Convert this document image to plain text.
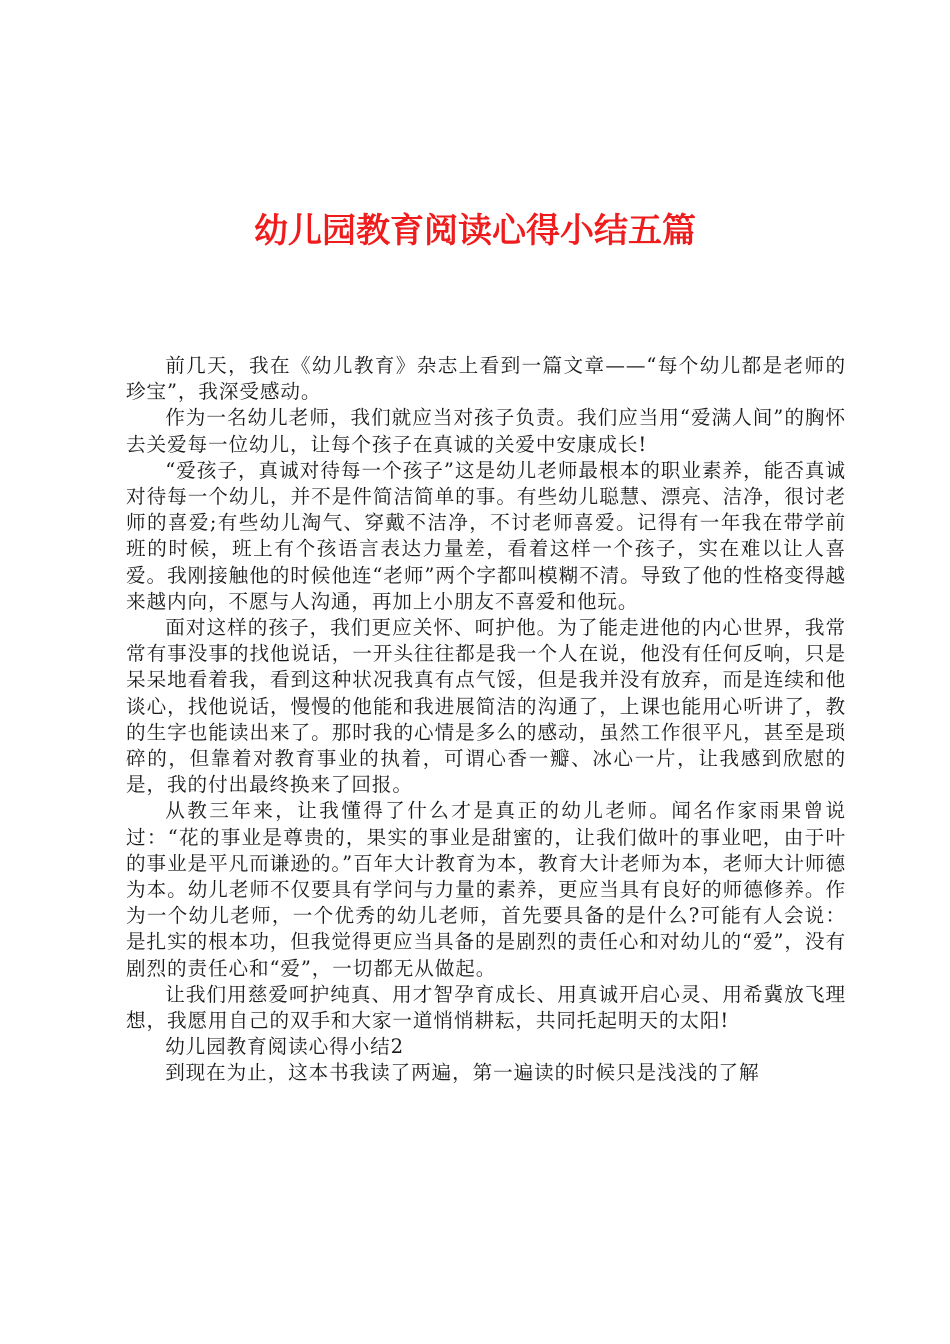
幼儿园教育阅读心得小结五篇

前几天，我在《幼儿教育》杂志上看到一篇文章——“每个幼儿都是老师的珍宝”，我深受感动。

作为一名幼儿老师，我们就应当对孩子负责。我们应当用“爱满人间”的胸怀去关爱每一位幼儿，让每个孩子在真诚的关爱中安康成长!

“爱孩子，真诚对待每一个孩子”这是幼儿老师最根本的职业素养，能否真诚对待每一个幼儿，并不是件简洁简单的事。有些幼儿聪慧、漂亮、洁净，很讨老师的喜爱;有些幼儿淘气、穿戴不洁净，不讨老师喜爱。记得有一年我在带学前班的时候，班上有个孩语言表达力量差，看着这样一个孩子，实在难以让人喜爱。我刚接触他的时候他连“老师”两个字都叫模糊不清。导致了他的性格变得越来越内向，不愿与人沟通，再加上小朋友不喜爱和他玩。

面对这样的孩子，我们更应关怀、呵护他。为了能走进他的内心世界，我常常有事没事的找他说话，一开头往往都是我一个人在说，他没有任何反响，只是呆呆地看着我，看到这种状况我真有点气馁，但是我并没有放弃，而是连续和他谈心，找他说话，慢慢的他能和我进展简洁的沟通了，上课也能用心听讲了，教的生字也能读出来了。那时我的心情是多么的感动，虽然工作很平凡，甚至是琐碎的，但靠着对教育事业的执着，可谓心香一瓣、冰心一片，让我感到欣慰的是，我的付出最终换来了回报。

从教三年来，让我懂得了什么才是真正的幼儿老师。闻名作家雨果曾说过：“花的事业是尊贵的，果实的事业是甜蜜的，让我们做叶的事业吧，由于叶的事业是平凡而谦逊的。”百年大计教育为本，教育大计老师为本，老师大计师德为本。幼儿老师不仅要具有学问与力量的素养，更应当具有良好的师德修养。作为一个幼儿老师，一个优秀的幼儿老师，首先要具备的是什么?可能有人会说：是扎实的根本功，但我觉得更应当具备的是剧烈的责任心和对幼儿的“爱”，没有剧烈的责任心和“爱”，一切都无从做起。

让我们用慈爱呵护纯真、用才智孕育成长、用真诚开启心灵、用希冀放飞理想，我愿用自己的双手和大家一道悄悄耕耘，共同托起明天的太阳!

幼儿园教育阅读心得小结2

到现在为止，这本书我读了两遍，第一遍读的时候只是浅浅的了解
